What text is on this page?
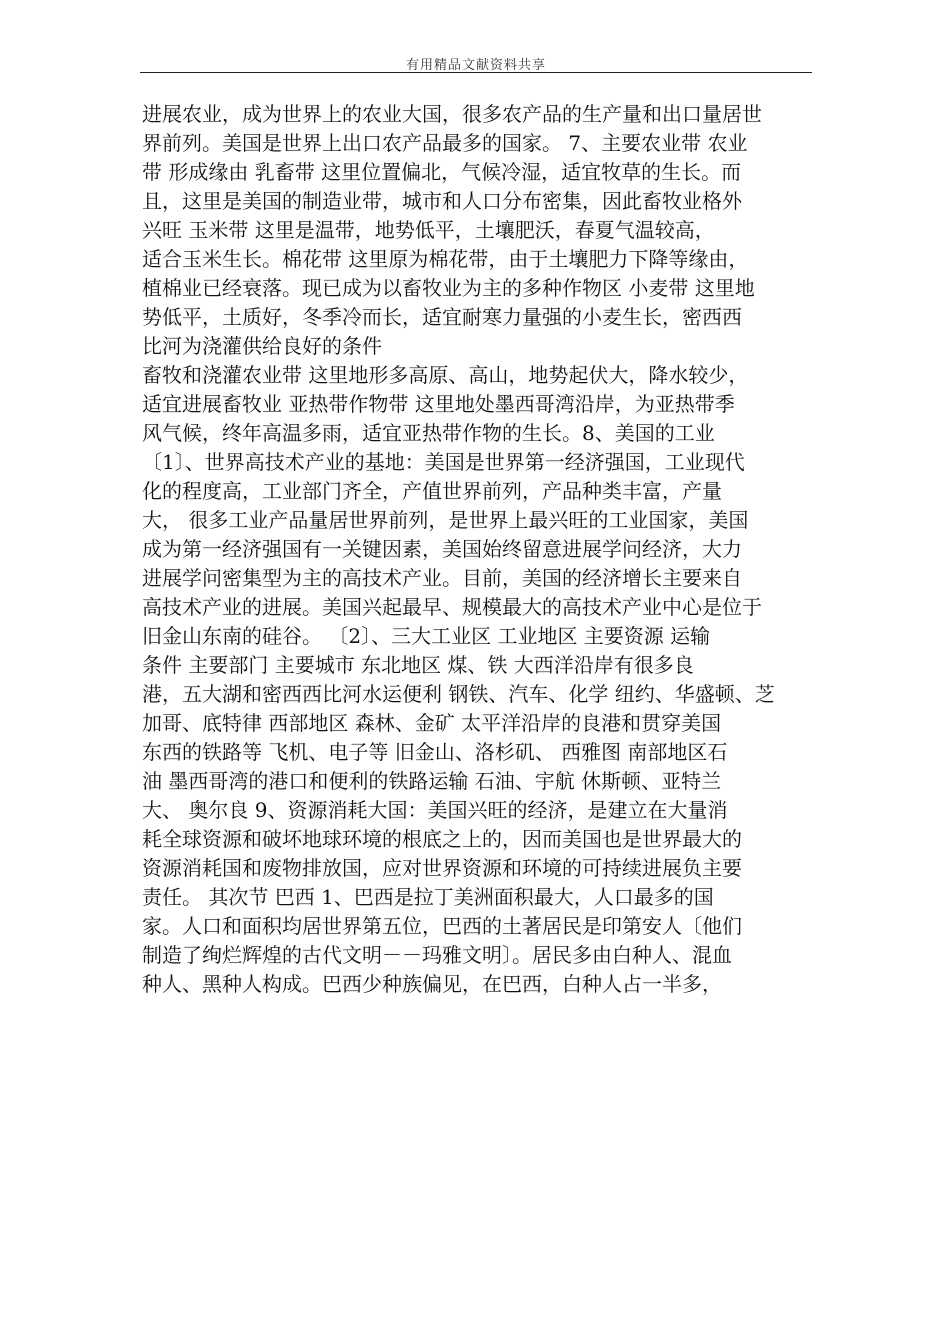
有用精品文献资料共享
进展农业，成为世界上的农业大国，很多农产品的生产量和出口量居世
界前列。美国是世界上出口农产品最多的国家。 7、主要农业带 农业
带 形成缘由 乳畜带 这里位置偏北，气候冷湿，适宜牧草的生长。而
且，这里是美国的制造业带，城市和人口分布密集，因此畜牧业格外
兴旺 玉米带 这里是温带，地势低平，土壤肥沃，春夏气温较高，
适合玉米生长。棉花带 这里原为棉花带，由于土壤肥力下降等缘由，
植棉业已经衰落。现已成为以畜牧业为主的多种作物区 小麦带 这里地
势低平，土质好，冬季冷而长，适宜耐寒力量强的小麦生长，密西西
比河为浇灌供给良好的条件
畜牧和浇灌农业带 这里地形多高原、高山，地势起伏大，降水较少，
适宜进展畜牧业 亚热带作物带 这里地处墨西哥湾沿岸，为亚热带季
风气候，终年高温多雨，适宜亚热带作物的生长。8、美国的工业
〔1〕、世界高技术产业的基地：美国是世界第一经济强国，工业现代
化的程度高，工业部门齐全，产值世界前列，产品种类丰富，产量
大， 很多工业产品量居世界前列，是世界上最兴旺的工业国家，美国
成为第一经济强国有一关键因素，美国始终留意进展学问经济，大力
进展学问密集型为主的高技术产业。目前，美国的经济增长主要来自
高技术产业的进展。美国兴起最早、规模最大的高技术产业中心是位于
旧金山东南的硅谷。 〔2〕、三大工业区 工业地区 主要资源 运输
条件 主要部门 主要城市 东北地区 煤、铁 大西洋沿岸有很多良
港，五大湖和密西西比河水运便利 钢铁、汽车、化学 纽约、华盛顿、芝
加哥、底特律 西部地区 森林、金矿 太平洋沿岸的良港和贯穿美国
东西的铁路等 飞机、电子等 旧金山、洛杉矶、 西雅图 南部地区石
油 墨西哥湾的港口和便利的铁路运输 石油、宇航 休斯顿、亚特兰
大、 奥尔良 9、资源消耗大国：美国兴旺的经济，是建立在大量消
耗全球资源和破坏地球环境的根底之上的，因而美国也是世界最大的
资源消耗国和废物排放国，应对世界资源和环境的可持续进展负主要
责任。 其次节 巴西 1、巴西是拉丁美洲面积最大，人口最多的国
家。人口和面积均居世界第五位，巴西的土著居民是印第安人〔他们
制造了绚烂辉煌的古代文明－－玛雅文明〕。居民多由白种人、混血
种人、黑种人构成。巴西少种族偏见，在巴西，白种人占一半多，
